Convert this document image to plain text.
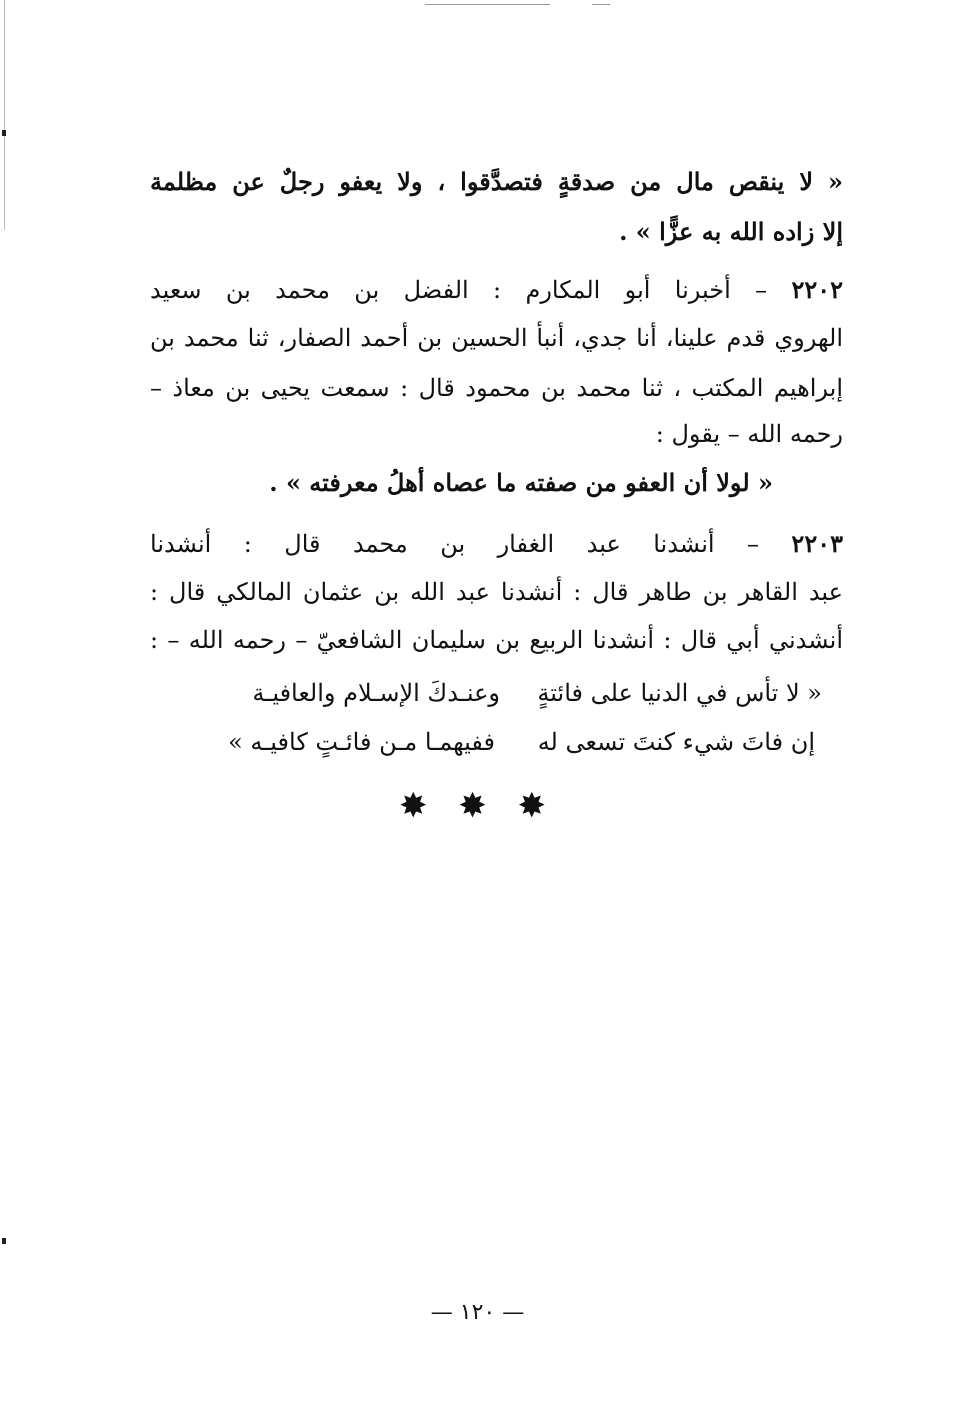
« لا ينقص مال من صدقةٍ فتصدَّقوا ، ولا يعفو رجلٌ عن مظلمة
إلا زاده الله به عزًّا » .
٢٢٠٢ – أخبرنا أبو المكارم : الفضل بن محمد بن سعيد
الهروي قدم علينا، أنا جدي، أنبأ الحسين بن أحمد الصفار، ثنا محمد بن
إبراهيم المكتب ، ثنا محمد بن محمود قال : سمعت يحيى بن معاذ –
رحمه الله – يقول :
« لولا أن العفو من صفته ما عصاه أهلُ معرفته » .
٢٢٠٣ – أنشدنا عبد الغفار بن محمد قال : أنشدنا
عبد القاهر بن طاهر قال : أنشدنا عبد الله بن عثمان المالكي قال :
أنشدني أبي قال : أنشدنا الربيع بن سليمان الشافعيّ – رحمه الله – :
« لا تأس في الدنيا على فائتةٍ
وعنـدكَ الإسـلام والعافيـة
إن فاتَ شيء كنتَ تسعى له
ففيهمـا مـن فائـتٍ كافيـه »
✸ ✸ ✸
— ١٢٠ —
